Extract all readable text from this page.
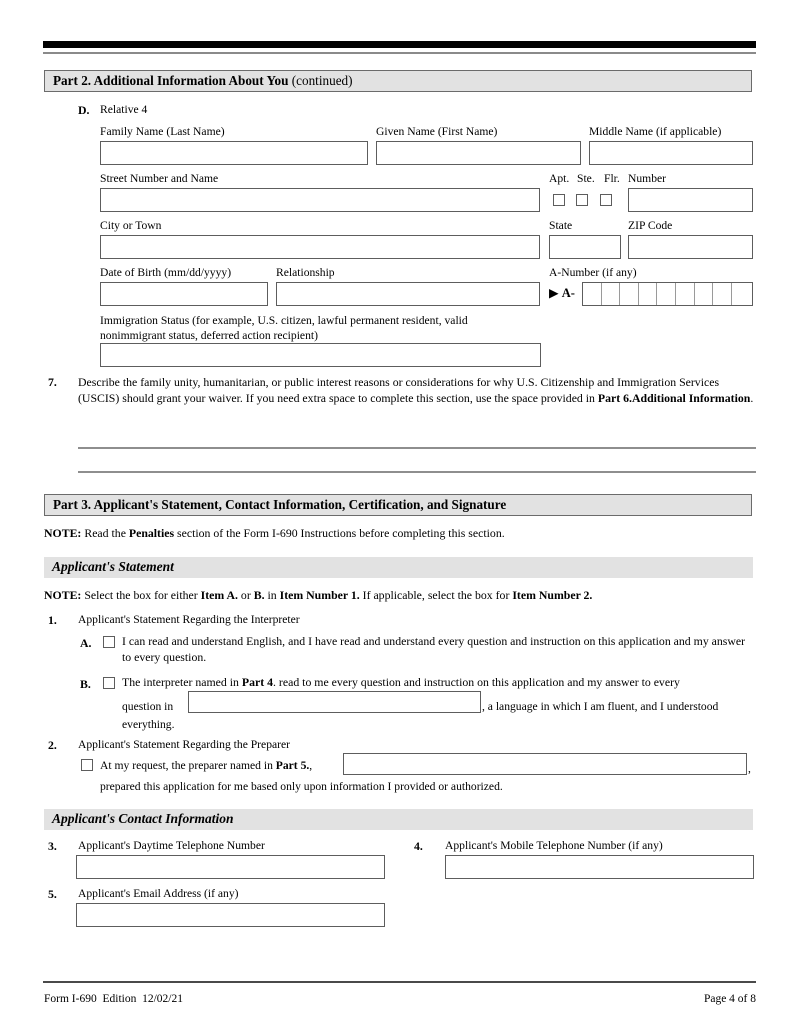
Part 2. Additional Information About You (continued)
D. Relative 4
Family Name (Last Name)	Given Name (First Name)	Middle Name (if applicable)
Street Number and Name	Apt. Ste. Flr. Number
City or Town	State	ZIP Code
Date of Birth (mm/dd/yyyy)	Relationship	A-Number (if any)
▶ A-
Immigration Status (for example, U.S. citizen, lawful permanent resident, valid
nonimmigrant status, deferred action recipient)
7. Describe the family unity, humanitarian, or public interest reasons or considerations for why U.S. Citizenship and Immigration Services (USCIS) should grant your waiver. If you need extra space to complete this section, use the space provided in Part 6.Additional Information.
Part 3. Applicant's Statement, Contact Information, Certification, and Signature
NOTE: Read the Penalties section of the Form I-690 Instructions before completing this section.
Applicant's Statement
NOTE: Select the box for either Item A. or B. in Item Number 1. If applicable, select the box for Item Number 2.
1. Applicant's Statement Regarding the Interpreter
A.	I can read and understand English, and I have read and understand every question and instruction on this application and my answer to every question.
B.	The interpreter named in Part 4. read to me every question and instruction on this application and my answer to every
question in	, a language in which I am fluent, and I understood
everything.
2. Applicant's Statement Regarding the Preparer
At my request, the preparer named in Part 5.,	,
prepared this application for me based only upon information I provided or authorized.
Applicant's Contact Information
3. Applicant's Daytime Telephone Number	4. Applicant's Mobile Telephone Number (if any)
5. Applicant's Email Address (if any)
Form I-690 Edition 12/02/21	Page 4 of 8
